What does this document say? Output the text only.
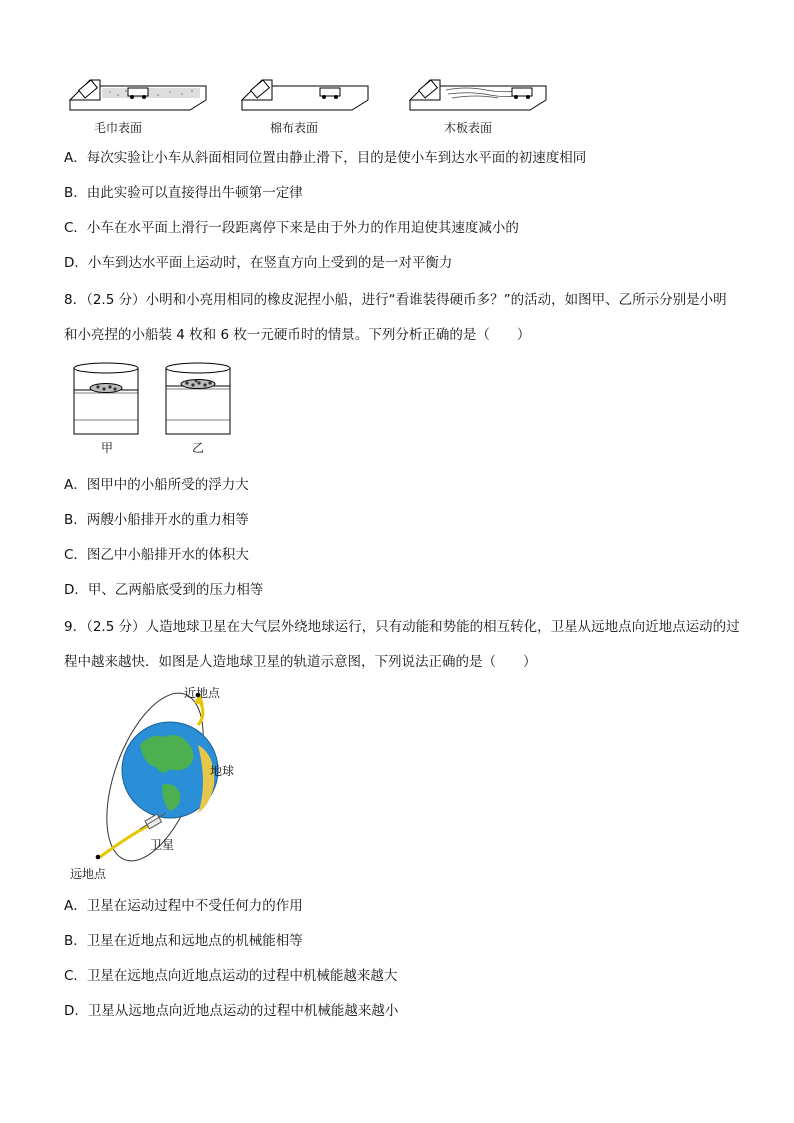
毛巾表面	棉布表面	木板表面
A．每次实验让小车从斜面相同位置由静止滑下，目的是使小车到达水平面的初速度相同
B．由此实验可以直接得出牛顿第一定律
C．小车在水平面上滑行一段距离停下来是由于外力的作用迫使其速度减小的
D．小车到达水平面上运动时，在竖直方向上受到的是一对平衡力
8．（2.5 分）小明和小亮用相同的橡皮泥捏小船，进行“看谁装得硬币多？”的活动，如图甲、乙所示分别是小明
和小亮捏的小船装 4 枚和 6 枚一元硬币时的情景。下列分析正确的是（　　）
甲	乙
A．图甲中的小船所受的浮力大
B．两艘小船排开水的重力相等
C．图乙中小船排开水的体积大
D．甲、乙两船底受到的压力相等
9．（2.5 分）人造地球卫星在大气层外绕地球运行，只有动能和势能的相互转化，卫星从远地点向近地点运动的过
程中越来越快．如图是人造地球卫星的轨道示意图，下列说法正确的是（　　）
近地点
地球
卫星
远地点
A．卫星在运动过程中不受任何力的作用
B．卫星在近地点和远地点的机械能相等
C．卫星在远地点向近地点运动的过程中机械能越来越大
D．卫星从远地点向近地点运动的过程中机械能越来越小
